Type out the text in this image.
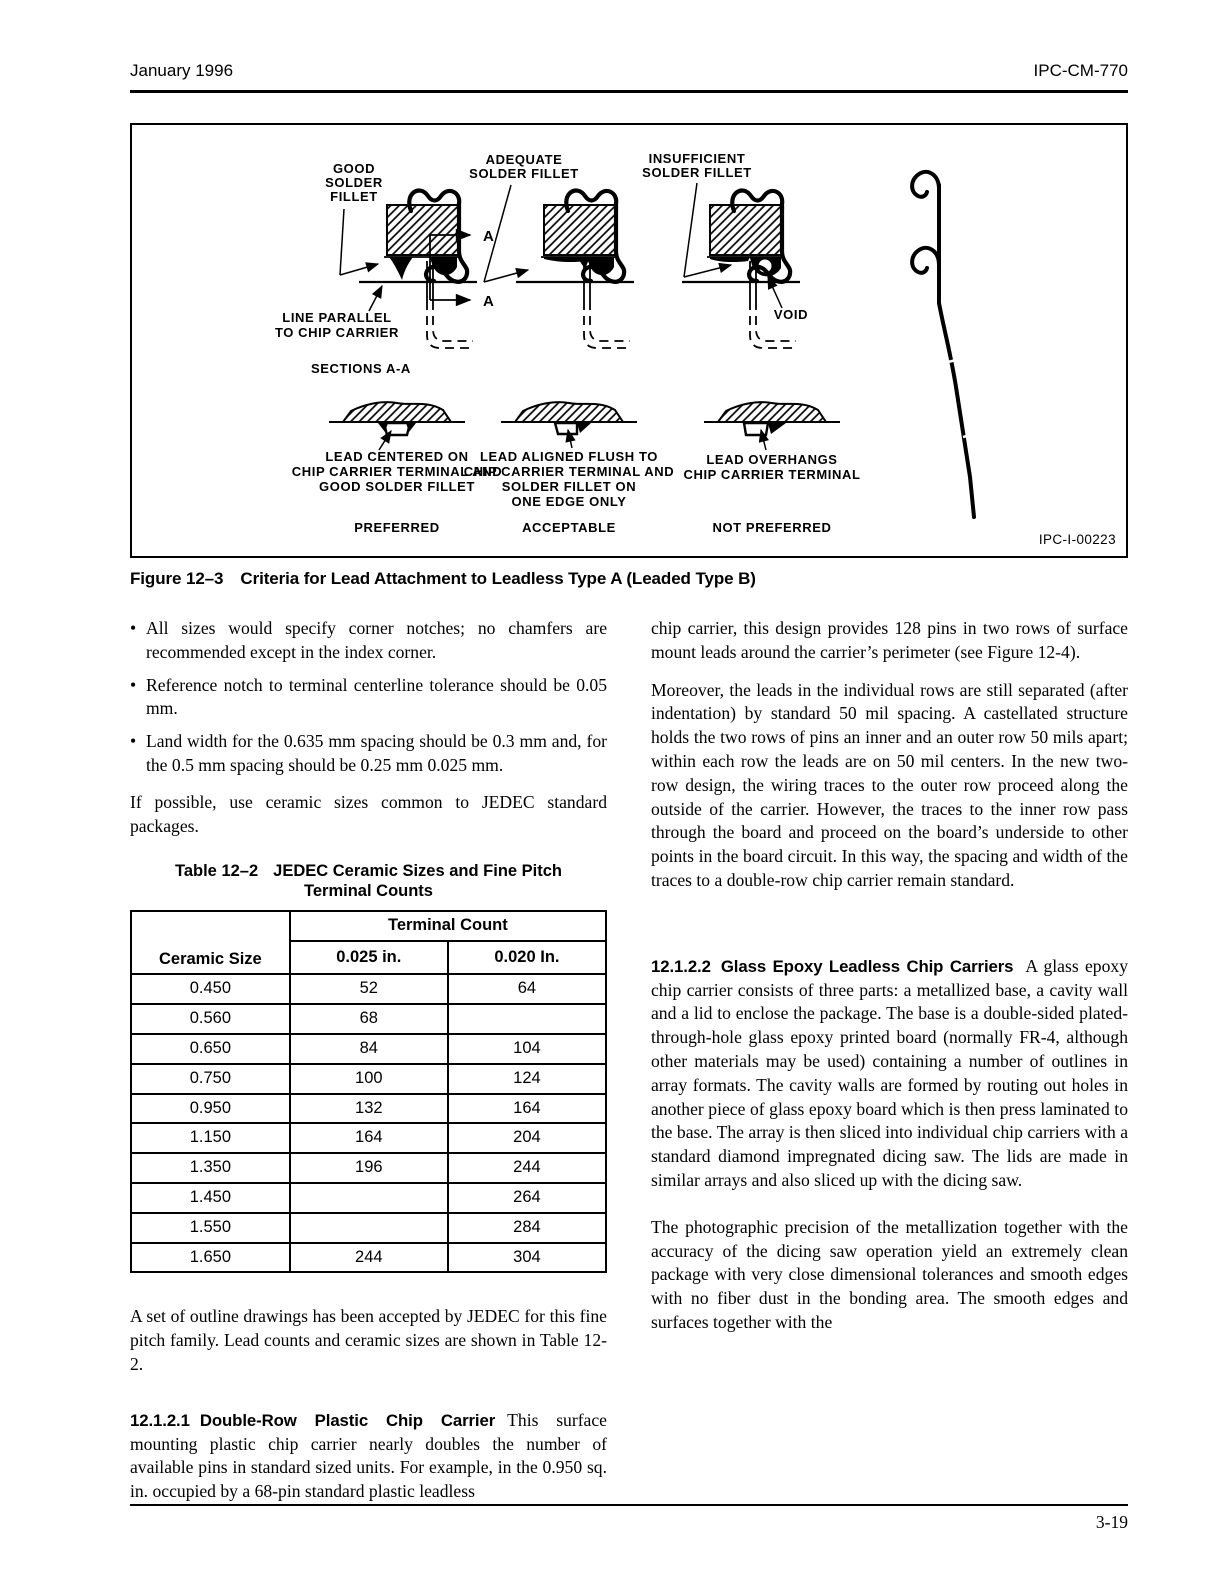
January 1996	IPC-CM-770
A
A
GOOD
SOLDER
FILLET
ADEQUATE
SOLDER FILLET
INSUFFICIENT
SOLDER FILLET
LINE PARALLEL
TO CHIP CARRIER
VOID
SECTIONS A-A
LEAD CENTERED ON
CHIP CARRIER TERMINAL AND
GOOD SOLDER FILLET
LEAD ALIGNED FLUSH TO
CHIP CARRIER TERMINAL AND
SOLDER FILLET ON
ONE EDGE ONLY
LEAD OVERHANGS
CHIP CARRIER TERMINAL
PREFERRED	ACCEPTABLE	NOT PREFERRED
IPC-I-00223
Figure 12–3 Criteria for Lead Attachment to Leadless Type A (Leaded Type B)
• All sizes would specify corner notches; no chamfers are recommended except in the index corner.
• Reference notch to terminal centerline tolerance should be 0.05 mm.
• Land width for the 0.635 mm spacing should be 0.3 mm and, for the 0.5 mm spacing should be 0.25 mm 0.025 mm.

If possible, use ceramic sizes common to JEDEC standard packages.

Table 12–2 JEDEC Ceramic Sizes and Fine Pitch
Terminal Counts
Ceramic Size	Terminal Count	
	0.025 in.	0.020 In.
0.450	52	64
0.560	68	
0.650	84	104
0.750	100	124
0.950	132	164
1.150	164	204
1.350	196	244
1.450		264
1.550		284
1.650	244	304

A set of outline drawings has been accepted by JEDEC for this fine pitch family. Lead counts and ceramic sizes are shown in Table 12-2.

12.1.2.1 Double-Row Plastic Chip Carrier This surface mounting plastic chip carrier nearly doubles the number of available pins in standard sized units. For example, in the 0.950 sq. in. occupied by a 68-pin standard plastic leadless

chip carrier, this design provides 128 pins in two rows of surface mount leads around the carrier’s perimeter (see Figure 12-4).

Moreover, the leads in the individual rows are still separated (after indentation) by standard 50 mil spacing. A castellated structure holds the two rows of pins an inner and an outer row 50 mils apart; within each row the leads are on 50 mil centers. In the new two-row design, the wiring traces to the outer row proceed along the outside of the carrier. However, the traces to the inner row pass through the board and proceed on the board’s underside to other points in the board circuit. In this way, the spacing and width of the traces to a double-row chip carrier remain standard.

12.1.2.2 Glass Epoxy Leadless Chip Carriers A glass epoxy chip carrier consists of three parts: a metallized base, a cavity wall and a lid to enclose the package. The base is a double-sided plated-through-hole glass epoxy printed board (normally FR-4, although other materials may be used) containing a number of outlines in array formats. The cavity walls are formed by routing out holes in another piece of glass epoxy board which is then press laminated to the base. The array is then sliced into individual chip carriers with a standard diamond impregnated dicing saw. The lids are made in similar arrays and also sliced up with the dicing saw.

The photographic precision of the metallization together with the accuracy of the dicing saw operation yield an extremely clean package with very close dimensional tolerances and smooth edges with no fiber dust in the bonding area. The smooth edges and surfaces together with the

3-19
